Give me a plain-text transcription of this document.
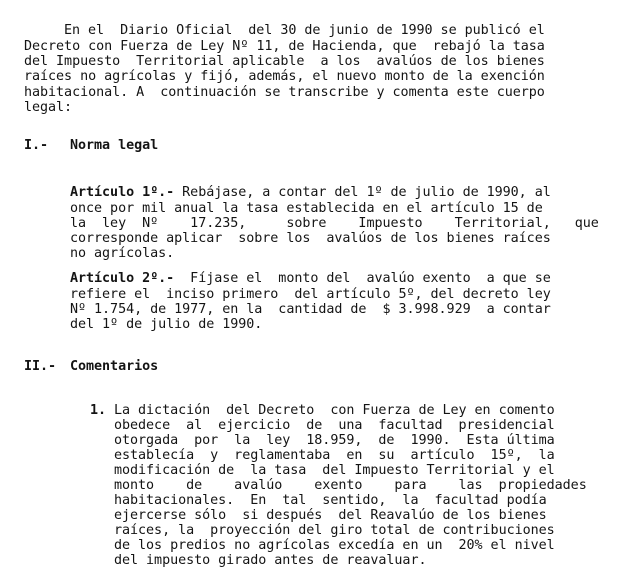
En el  Diario Oficial  del 30 de junio de 1990 se publicó el
Decreto con Fuerza de Ley Nº 11, de Hacienda, que  rebajó la tasa
del Impuesto  Territorial aplicable  a los  avalúos de los bienes
raíces no agrícolas y fijó, además, el nuevo monto de la exención
habitacional. A  continuación se transcribe y comenta este cuerpo
legal:
I.- Norma legal
Artículo 1º.- Rebájase, a contar del 1º de julio de 1990, al
once por mil anual la tasa establecida en el artículo 15 de
la  ley  Nº    17.235,     sobre    Impuesto    Territorial,   que
corresponde aplicar  sobre los  avalúos de los bienes raíces
no agrícolas.
Artículo 2º.-  Fíjase el  monto del  avalúo exento  a que se
refiere el  inciso primero  del artículo 5º, del decreto ley
Nº 1.754, de 1977, en la  cantidad de  $ 3.998.929  a contar
del 1º de julio de 1990.
II.- Comentarios
1. La dictación  del Decreto  con Fuerza de Ley en comento
obedece  al  ejercicio  de  una  facultad  presidencial
otorgada  por  la  ley  18.959,  de  1990.  Esta última
establecía  y  reglamentaba  en  su  artículo  15º,  la
modificación de  la tasa  del Impuesto Territorial y el
monto    de    avalúo    exento    para    las  propiedades
habitacionales.  En  tal  sentido,  la  facultad podía
ejercerse sólo  si después  del Reavalúo de los bienes
raíces, la  proyección del giro total de contribuciones
de los predios no agrícolas excedía en un  20% el nivel
del impuesto girado antes de reavaluar.
